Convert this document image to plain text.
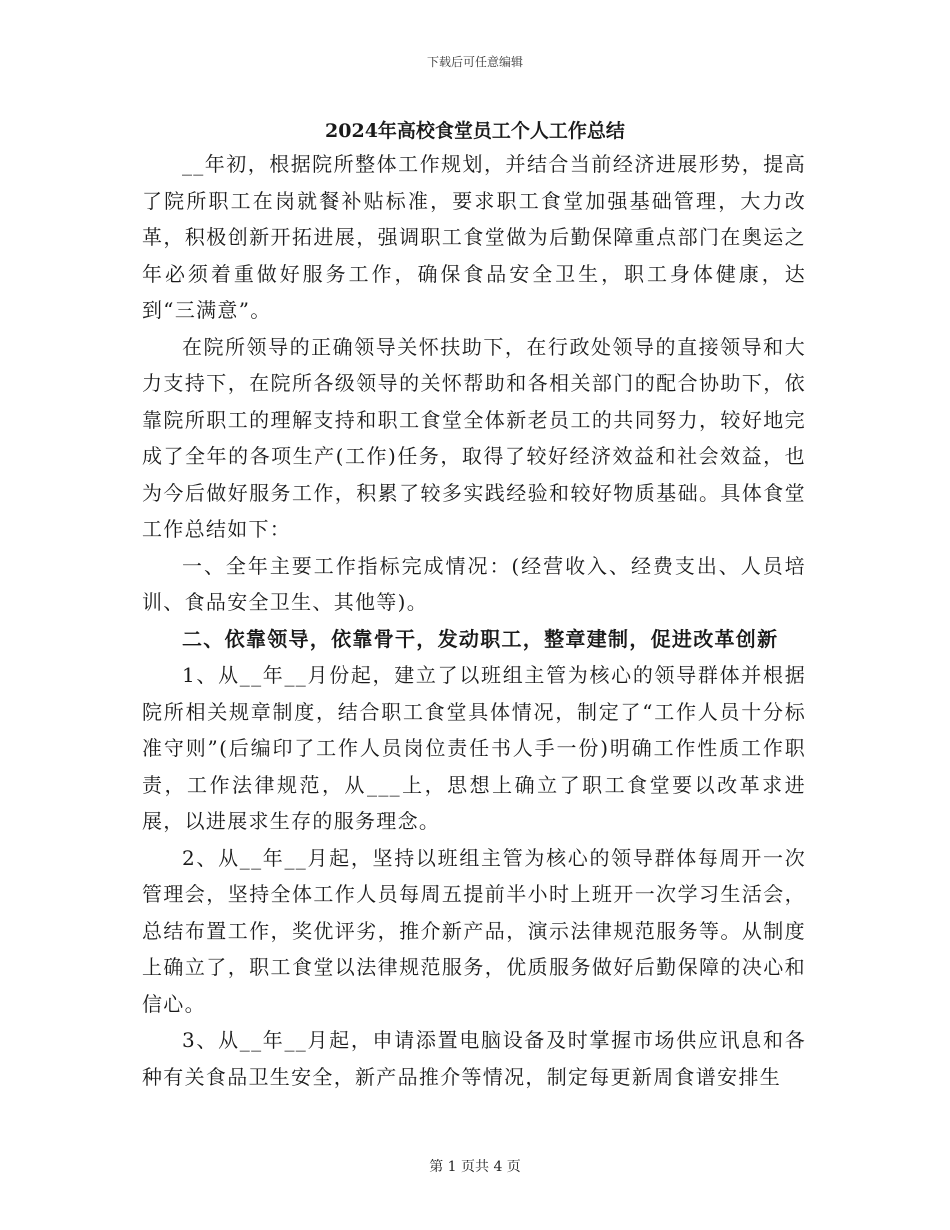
下载后可任意编辑
2024年高校食堂员工个人工作总结

__年初，根据院所整体工作规划，并结合当前经济进展形势，提高了院所职工在岗就餐补贴标准，要求职工食堂加强基础管理，大力改革，积极创新开拓进展，强调职工食堂做为后勤保障重点部门在奥运之年必须着重做好服务工作，确保食品安全卫生，职工身体健康，达到“三满意”。

在院所领导的正确领导关怀扶助下，在行政处领导的直接领导和大力支持下，在院所各级领导的关怀帮助和各相关部门的配合协助下，依靠院所职工的理解支持和职工食堂全体新老员工的共同努力，较好地完成了全年的各项生产(工作)任务，取得了较好经济效益和社会效益，也为今后做好服务工作，积累了较多实践经验和较好物质基础。具体食堂工作总结如下：

一、全年主要工作指标完成情况：(经营收入、经费支出、人员培训、食品安全卫生、其他等)。

二、依靠领导，依靠骨干，发动职工，整章建制，促进改革创新

1、从__年__月份起，建立了以班组主管为核心的领导群体并根据院所相关规章制度，结合职工食堂具体情况，制定了“工作人员十分标准守则”(后编印了工作人员岗位责任书人手一份)明确工作性质工作职责，工作法律规范，从___上，思想上确立了职工食堂要以改革求进展，以进展求生存的服务理念。

2、从__年__月起，坚持以班组主管为核心的领导群体每周开一次管理会，坚持全体工作人员每周五提前半小时上班开一次学习生活会，总结布置工作，奖优评劣，推介新产品，演示法律规范服务等。从制度上确立了，职工食堂以法律规范服务，优质服务做好后勤保障的决心和信心。

3、从__年__月起，申请添置电脑设备及时掌握市场供应讯息和各种有关食品卫生安全，新产品推介等情况，制定每更新周食谱安排生

第 1 页共 4 页
